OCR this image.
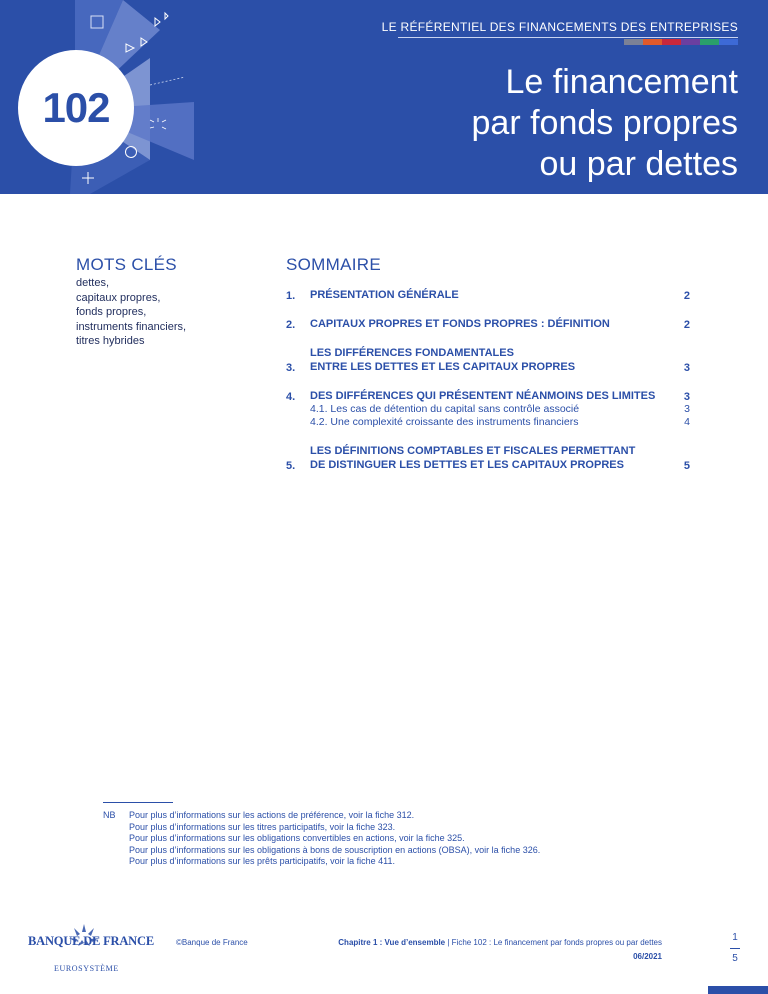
102
LE RÉFÉRENTIEL DES FINANCEMENTS DES ENTREPRISES
Le financement
par fonds propres
ou par dettes
MOTS CLÉS
dettes,
capitaux propres,
fonds propres,
instruments financiers,
titres hybrides
SOMMAIRE
1.	PRÉSENTATION GÉNÉRALE	2
2.	CAPITAUX PROPRES ET FONDS PROPRES : DÉFINITION	2
3.
LES DIFFÉRENCES FONDAMENTALES
ENTRE LES DETTES ET LES CAPITAUX PROPRES	3
4.	DES DIFFÉRENCES QUI PRÉSENTENT NÉANMOINS DES LIMITES	3
4.1. Les cas de détention du capital sans contrôle associé	3
4.2. Une complexité croissante des instruments financiers	4
5.
LES DÉFINITIONS COMPTABLES ET FISCALES PERMETTANT
DE DISTINGUER LES DETTES ET LES CAPITAUX PROPRES	5
NB	Pour plus d’informations sur les actions de préférence, voir la fiche 312.
Pour plus d’informations sur les titres participatifs, voir la fiche 323.
Pour plus d’informations sur les obligations convertibles en actions, voir la fiche 325.
Pour plus d’informations sur les obligations à bons de souscription en actions (OBSA), voir la fiche 326.
Pour plus d’informations sur les prêts participatifs, voir la fiche 411.
BANQUE DE FRANCE
EUROSYSTÈME
©Banque de France	Chapitre 1 : Vue d’ensemble | Fiche 102 : Le financement par fonds propres ou par dettes
06/2021
1
5
